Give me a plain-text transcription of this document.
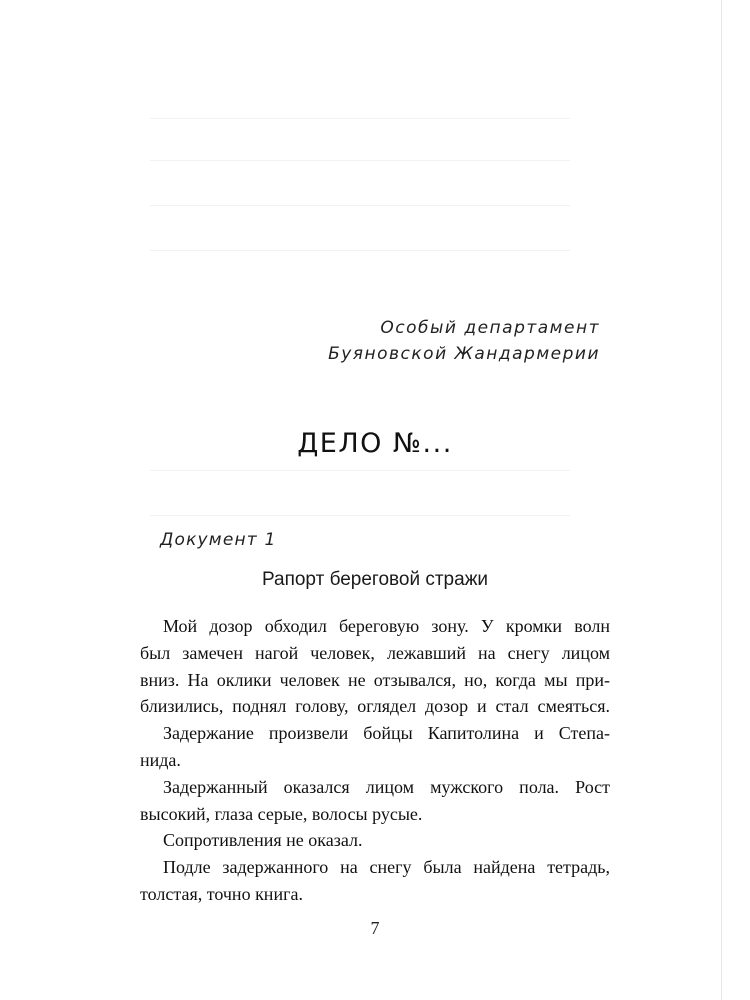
Особый департамент
Буяновской Жандармерии
ДЕЛО №...
Документ 1
Рапорт береговой стражи
Мой дозор обходил береговую зону. У кромки волн
был замечен нагой человек, лежавший на снегу лицом
вниз. На оклики человек не отзывался, но, когда мы при-
близились, поднял голову, оглядел дозор и стал смеяться.
Задержание произвели бойцы Капитолина и Степа-
нида.
Задержанный оказался лицом мужского пола. Рост
высокий, глаза серые, волосы русые.
Сопротивления не оказал.
Подле задержанного на снегу была найдена тетрадь,
толстая, точно книга.
7
